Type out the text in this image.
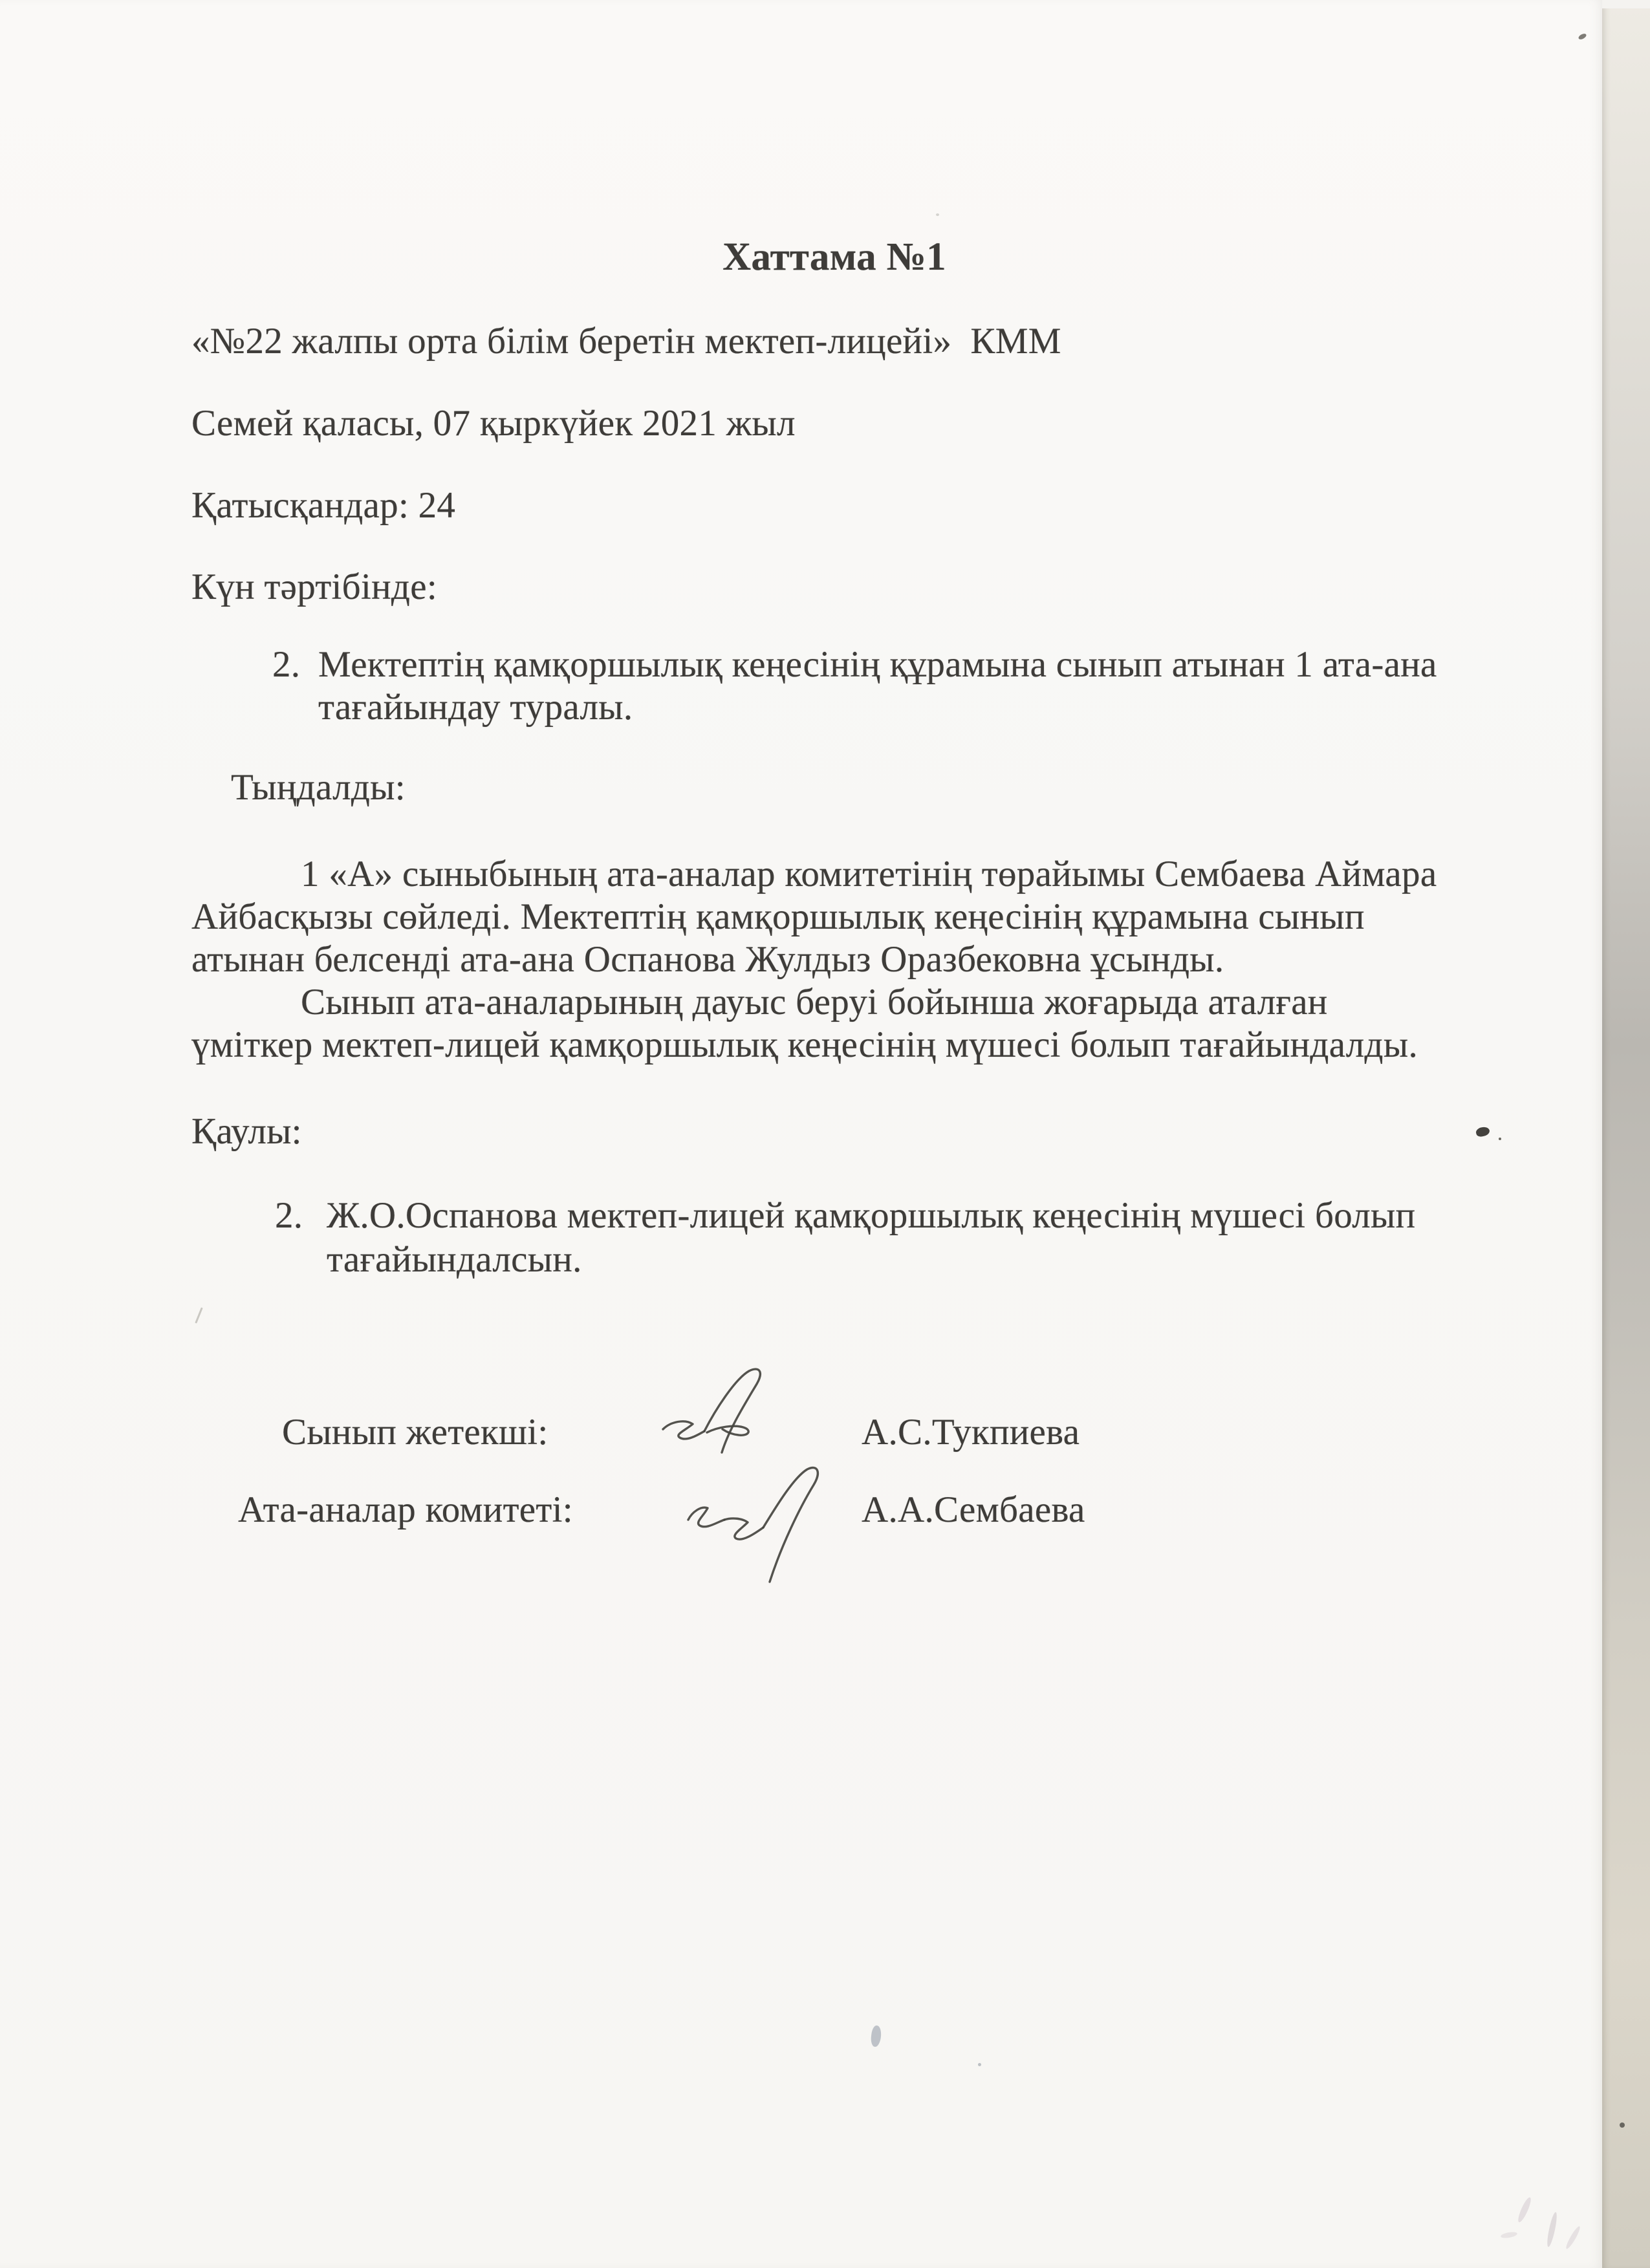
Хаттама №1
«№22 жалпы орта білім беретін мектеп-лицейі»  КММ
Семей қаласы, 07 қыркүйек 2021 жыл
Қатысқандар: 24
Күн тәртібінде:
2. Мектептің қамқоршылық кеңесінің құрамына сынып атынан 1 ата-ана
тағайындау туралы.
Тыңдалды:
1 «А» сыныбының ата-аналар комитетінің төрайымы Сембаева Аймара
Айбасқызы сөйледі. Мектептің қамқоршылық кеңесінің құрамына сынып
атынан белсенді ата-ана Оспанова Жулдыз Оразбековна ұсынды.
Сынып ата-аналарының дауыс беруі бойынша жоғарыда аталған
үміткер мектеп-лицей қамқоршылық кеңесінің мүшесі болып тағайындалды.
Қаулы:
2. Ж.О.Оспанова мектеп-лицей қамқоршылық кеңесінің мүшесі болып
тағайындалсын.
Сынып жетекші:	А.С.Тукпиева
Ата-аналар комитеті:	А.А.Сембаева
